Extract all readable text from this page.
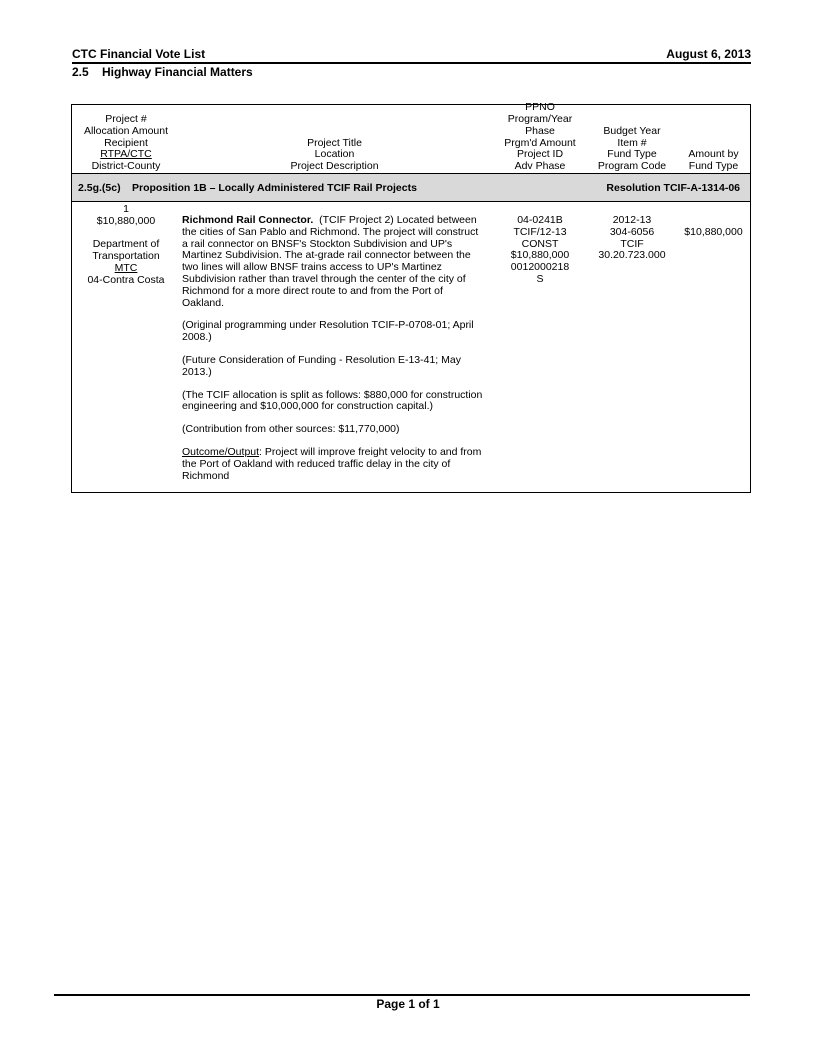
CTC Financial Vote List	August 6, 2013
2.5 Highway Financial Matters
Project #
Allocation Amount
Recipient
RTPA/CTC
District-County
Project Title
Location
Project Description
PPNO
Program/Year
Phase
Prgm'd Amount
Project ID
Adv Phase
Budget Year
Item #
Fund Type
Program Code
Amount by
Fund Type
2.5g.(5c) Proposition 1B – Locally Administered TCIF Rail Projects	Resolution TCIF-A-1314-06
1
$10,880,000
Department of
Transportation
MTC
04-Contra Costa

Richmond Rail Connector. (TCIF Project 2) Located between the cities of San Pablo and Richmond. The project will construct a rail connector on BNSF's Stockton Subdivision and UP's Martinez Subdivision. The at-grade rail connector between the two lines will allow BNSF trains access to UP's Martinez Subdivision rather than travel through the center of the city of Richmond for a more direct route to and from the Port of Oakland.

(Original programming under Resolution TCIF-P-0708-01; April 2008.)

(Future Consideration of Funding - Resolution E-13-41; May 2013.)

(The TCIF allocation is split as follows: $880,000 for construction engineering and $10,000,000 for construction capital.)

(Contribution from other sources: $11,770,000)

Outcome/Output: Project will improve freight velocity to and from the Port of Oakland with reduced traffic delay in the city of Richmond

04-0241B
TCIF/12-13
CONST
$10,880,000
0012000218
S
2012-13
304-6056
TCIF
30.20.723.000
$10,880,000
Page 1 of 1
